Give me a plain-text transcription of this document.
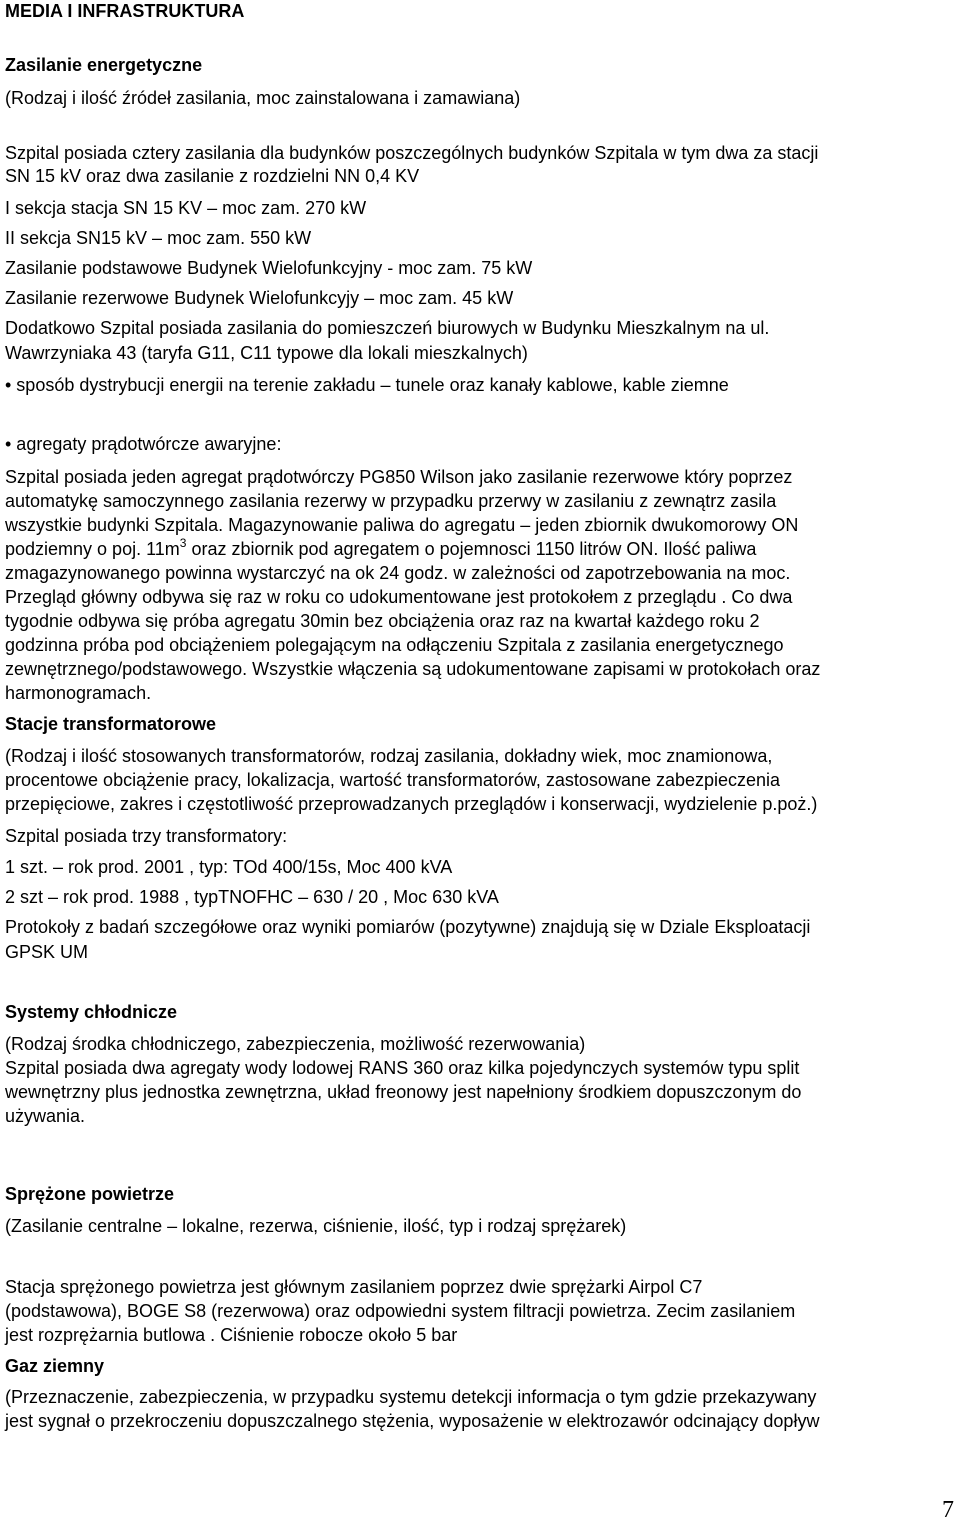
MEDIA I INFRASTRUKTURA
Zasilanie energetyczne
(Rodzaj i ilość źródeł zasilania, moc zainstalowana i zamawiana)
Szpital posiada cztery zasilania dla budynków poszczególnych budynków Szpitala w tym dwa za stacji
SN 15 kV oraz dwa zasilanie z rozdzielni NN 0,4 KV
I sekcja stacja SN 15 KV – moc zam. 270 kW
II sekcja SN15 kV – moc zam. 550 kW
Zasilanie podstawowe Budynek Wielofunkcyjny - moc zam. 75 kW
Zasilanie rezerwowe Budynek Wielofunkcyjy – moc zam. 45 kW
Dodatkowo Szpital posiada zasilania do pomieszczeń biurowych w Budynku Mieszkalnym na ul.
Wawrzyniaka 43 (taryfa G11, C11 typowe dla lokali mieszkalnych)
• sposób dystrybucji energii na terenie zakładu – tunele oraz kanały kablowe, kable ziemne
• agregaty prądotwórcze awaryjne:
Szpital posiada jeden agregat prądotwórczy PG850 Wilson jako zasilanie rezerwowe który poprzez
automatykę samoczynnego zasilania rezerwy w przypadku przerwy w zasilaniu z zewnątrz zasila
wszystkie budynki Szpitala. Magazynowanie paliwa do agregatu – jeden zbiornik dwukomorowy ON
podziemny o poj. $11m^3$ oraz zbiornik pod agregatem o pojemnosci 1150 litrów ON. Ilość paliwa
zmagazynowanego powinna wystarczyć na ok 24 godz. w zależności od zapotrzebowania na moc.
Przegląd główny odbywa się raz w roku co udokumentowane jest protokołem z przeglądu . Co dwa
tygodnie odbywa się próba agregatu 30min bez obciążenia oraz raz na kwartał każdego roku 2
godzinna próba pod obciążeniem polegającym na odłączeniu Szpitala z zasilania energetycznego
zewnętrznego/podstawowego. Wszystkie włączenia są udokumentowane zapisami w protokołach oraz
harmonogramach.
Stacje transformatorowe
(Rodzaj i ilość stosowanych transformatorów, rodzaj zasilania, dokładny wiek, moc znamionowa,
procentowe obciążenie pracy, lokalizacja, wartość transformatorów, zastosowane zabezpieczenia
przepięciowe, zakres i częstotliwość przeprowadzanych przeglądów i konserwacji, wydzielenie p.poż.)
Szpital posiada trzy transformatory:
1 szt. – rok prod. 2001 , typ: TOd 400/15s, Moc 400 kVA
2 szt – rok prod. 1988 , typTNOFHC – 630 / 20 , Moc 630 kVA
Protokoły z badań szczegółowe oraz wyniki pomiarów (pozytywne) znajdują się w Dziale Eksploatacji
GPSK UM
Systemy chłodnicze
(Rodzaj środka chłodniczego, zabezpieczenia, możliwość rezerwowania)
Szpital posiada dwa agregaty wody lodowej RANS 360 oraz kilka pojedynczych systemów typu split
wewnętrzny plus jednostka zewnętrzna, układ freonowy jest napełniony środkiem dopuszczonym do
używania.
Sprężone powietrze
(Zasilanie centralne – lokalne, rezerwa, ciśnienie, ilość, typ i rodzaj sprężarek)
Stacja sprężonego powietrza jest głównym zasilaniem poprzez dwie sprężarki Airpol C7
(podstawowa), BOGE S8 (rezerwowa) oraz odpowiedni system filtracji powietrza. Zecim zasilaniem
jest rozprężarnia butlowa . Ciśnienie robocze około 5 bar
Gaz ziemny
(Przeznaczenie, zabezpieczenia, w przypadku systemu detekcji informacja o tym gdzie przekazywany
jest sygnał o przekroczeniu dopuszczalnego stężenia, wyposażenie w elektrozawór odcinający dopływ
7
